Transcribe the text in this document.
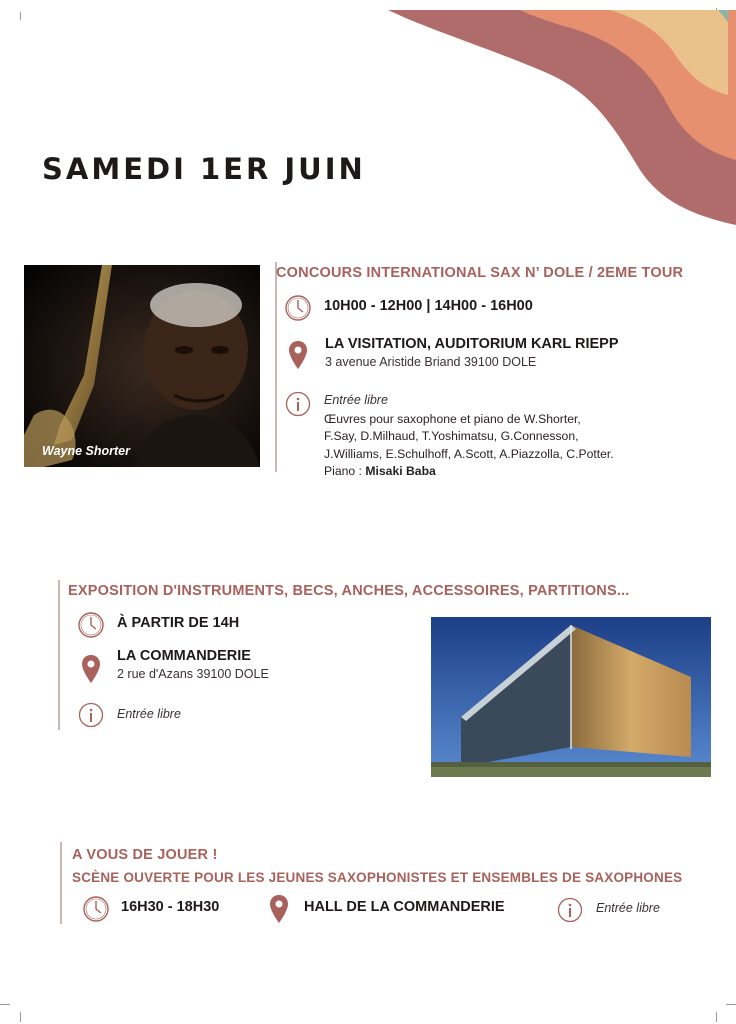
SAMEDI 1ER JUIN
Wayne Shorter
CONCOURS INTERNATIONAL SAX N’ DOLE / 2EME TOUR
10H00 - 12H00 | 14H00 - 16H00
LA VISITATION, AUDITORIUM KARL RIEPP
3 avenue Aristide Briand 39100 DOLE
Entrée libre
Œuvres pour saxophone et piano de W.Shorter,
F.Say, D.Milhaud, T.Yoshimatsu, G.Connesson,
J.Williams, E.Schulhoff, A.Scott, A.Piazzolla, C.Potter.
Piano : Misaki Baba
EXPOSITION D'INSTRUMENTS, BECS, ANCHES, ACCESSOIRES, PARTITIONS...
À PARTIR DE 14H
LA COMMANDERIE
2 rue d'Azans 39100 DOLE
Entrée libre
A VOUS DE JOUER !
SCÈNE OUVERTE POUR LES JEUNES SAXOPHONISTES ET ENSEMBLES DE SAXOPHONES
16H30 - 18H30	HALL DE LA COMMANDERIE	Entrée libre
